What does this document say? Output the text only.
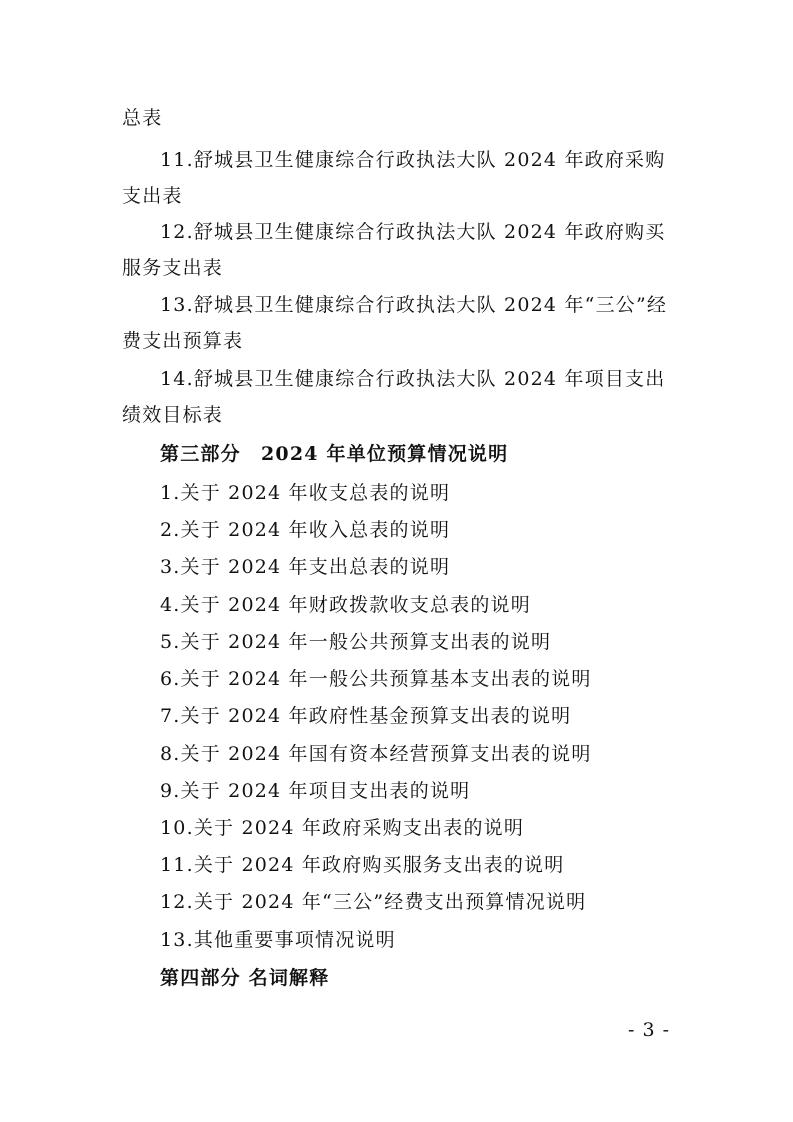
总表
11.舒城县卫生健康综合行政执法大队 2024 年政府采购
支出表
12.舒城县卫生健康综合行政执法大队 2024 年政府购买
服务支出表
13.舒城县卫生健康综合行政执法大队 2024 年“三公”经
费支出预算表
14.舒城县卫生健康综合行政执法大队 2024 年项目支出
绩效目标表
第三部分　2024 年单位预算情况说明
1.关于 2024 年收支总表的说明
2.关于 2024 年收入总表的说明
3.关于 2024 年支出总表的说明
4.关于 2024 年财政拨款收支总表的说明
5.关于 2024 年一般公共预算支出表的说明
6.关于 2024 年一般公共预算基本支出表的说明
7.关于 2024 年政府性基金预算支出表的说明
8.关于 2024 年国有资本经营预算支出表的说明
9.关于 2024 年项目支出表的说明
10.关于 2024 年政府采购支出表的说明
11.关于 2024 年政府购买服务支出表的说明
12.关于 2024 年“三公”经费支出预算情况说明
13.其他重要事项情况说明
第四部分 名词解释
- 3 -
